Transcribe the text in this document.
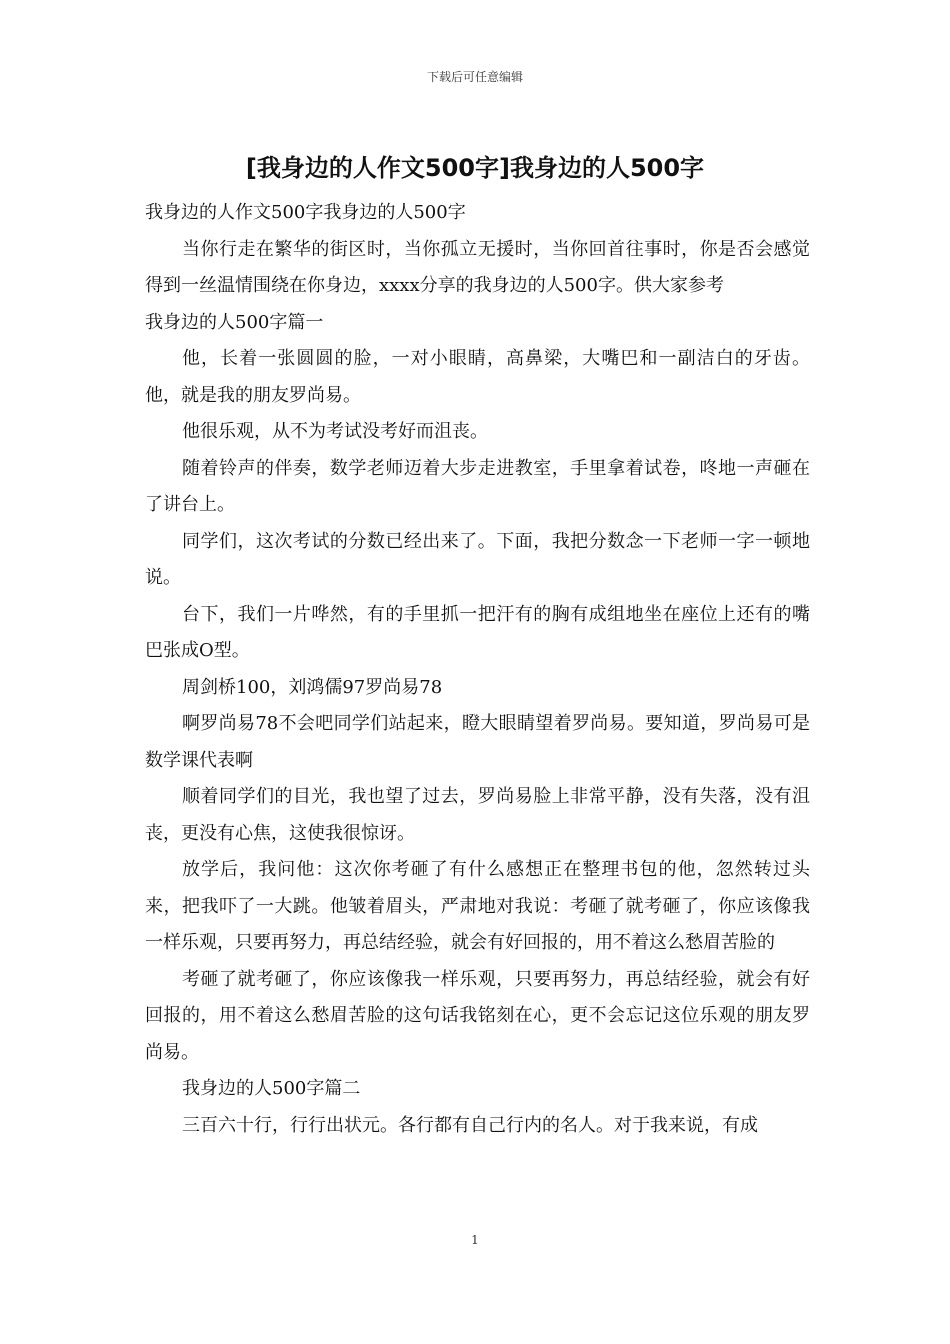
下载后可任意编辑
[我身边的人作文500字]我身边的人500字

我身边的人作文500字我身边的人500字

当你行走在繁华的街区时，当你孤立无援时，当你回首往事时，你是否会感觉得到一丝温情围绕在你身边，xxxx分享的我身边的人500字。供大家参考

我身边的人500字篇一

他，长着一张圆圆的脸，一对小眼睛，高鼻梁，大嘴巴和一副洁白的牙齿。他，就是我的朋友罗尚易。

他很乐观，从不为考试没考好而沮丧。

随着铃声的伴奏，数学老师迈着大步走进教室，手里拿着试卷，咚地一声砸在了讲台上。

同学们，这次考试的分数已经出来了。下面，我把分数念一下老师一字一顿地说。

台下，我们一片哗然，有的手里抓一把汗有的胸有成组地坐在座位上还有的嘴巴张成O型。

周剑桥100，刘鸿儒97罗尚易78

啊罗尚易78不会吧同学们站起来，瞪大眼睛望着罗尚易。要知道，罗尚易可是数学课代表啊

顺着同学们的目光，我也望了过去，罗尚易脸上非常平静，没有失落，没有沮丧，更没有心焦，这使我很惊讶。

放学后，我问他：这次你考砸了有什么感想正在整理书包的他，忽然转过头来，把我吓了一大跳。他皱着眉头，严肃地对我说：考砸了就考砸了，你应该像我一样乐观，只要再努力，再总结经验，就会有好回报的，用不着这么愁眉苦脸的

考砸了就考砸了，你应该像我一样乐观，只要再努力，再总结经验，就会有好回报的，用不着这么愁眉苦脸的这句话我铭刻在心，更不会忘记这位乐观的朋友罗尚易。

我身边的人500字篇二

三百六十行，行行出状元。各行都有自己行内的名人。对于我来说，有成

1
